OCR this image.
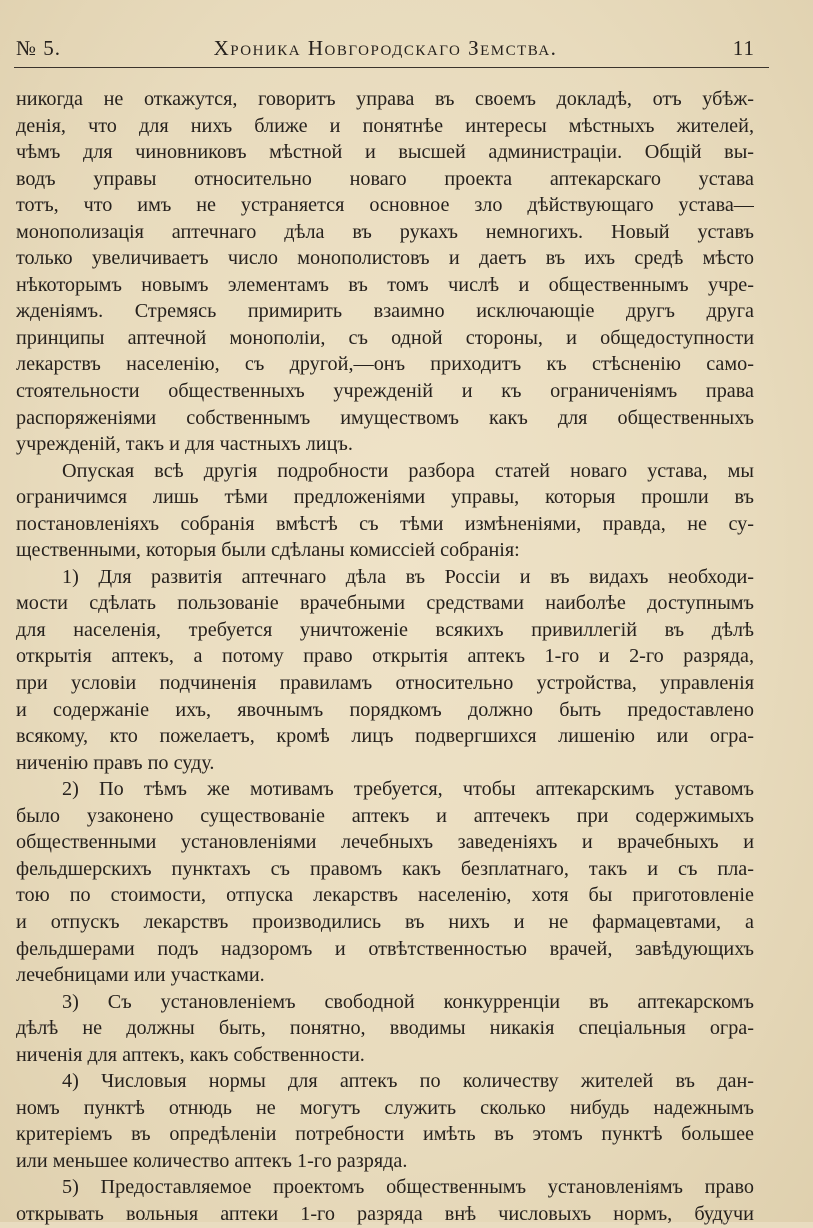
№ 5.	Хроника Новгородскаго Земства.	11
никогда не откажутся, говоритъ управа въ своемъ докладѣ, отъ убѣж-
денія, что для нихъ ближе и понятнѣе интересы мѣстныхъ жителей,
чѣмъ для чиновниковъ мѣстной и высшей администраціи. Общій вы-
водъ управы относительно новаго проекта аптекарскаго устава
тотъ, что имъ не устраняется основное зло дѣйствующаго устава—
монополизація аптечнаго дѣла въ рукахъ немногихъ. Новый уставъ
только увеличиваетъ число монополистовъ и даетъ въ ихъ средѣ мѣсто
нѣкоторымъ новымъ элементамъ въ томъ числѣ и общественнымъ учре-
жденіямъ. Стремясь примирить взаимно исключающіе другъ друга
принципы аптечной монополіи, съ одной стороны, и общедоступности
лекарствъ населенію, съ другой,—онъ приходитъ къ стѣсненію само-
стоятельности общественныхъ учрежденій и къ ограниченіямъ права
распоряженіями собственнымъ имуществомъ какъ для общественныхъ
учрежденій, такъ и для частныхъ лицъ.
Опуская всѣ другія подробности разбора статей новаго устава, мы
ограничимся лишь тѣми предложеніями управы, которыя прошли въ
постановленіяхъ собранія вмѣстѣ съ тѣми измѣненіями, правда, не су-
щественными, которыя были сдѣланы комиссіей собранія:
1) Для развитія аптечнаго дѣла въ Россіи и въ видахъ необходи-
мости сдѣлать пользованіе врачебными средствами наиболѣе доступнымъ
для населенія, требуется уничтоженіе всякихъ привиллегій въ дѣлѣ
открытія аптекъ, а потому право открытія аптекъ 1-го и 2-го разряда,
при условіи подчиненія правиламъ относительно устройства, управленія
и содержаніе ихъ, явочнымъ порядкомъ должно быть предоставлено
всякому, кто пожелаетъ, кромѣ лицъ подвергшихся лишенію или огра-
ниченію правъ по суду.
2) По тѣмъ же мотивамъ требуется, чтобы аптекарскимъ уставомъ
было узаконено существованіе аптекъ и аптечекъ при содержимыхъ
общественными установленіями лечебныхъ заведеніяхъ и врачебныхъ и
фельдшерскихъ пунктахъ съ правомъ какъ безплатнаго, такъ и съ пла-
тою по стоимости, отпуска лекарствъ населенію, хотя бы приготовленіе
и отпускъ лекарствъ производились въ нихъ и не фармацевтами, а
фельдшерами подъ надзоромъ и отвѣтственностью врачей, завѣдующихъ
лечебницами или участками.
3) Съ установленіемъ свободной конкурренціи въ аптекарскомъ
дѣлѣ не должны быть, понятно, вводимы никакія спеціальныя огра-
ниченія для аптекъ, какъ собственности.
4) Числовыя нормы для аптекъ по количеству жителей въ дан-
номъ пунктѣ отнюдь не могутъ служить сколько нибудь надежнымъ
критеріемъ въ опредѣленіи потребности имѣть въ этомъ пунктѣ большее
или меньшее количество аптекъ 1-го разряда.
5) Предоставляемое проектомъ общественнымъ установленіямъ право
открывать вольныя аптеки 1-го разряда внѣ числовыхъ нормъ, будучи
